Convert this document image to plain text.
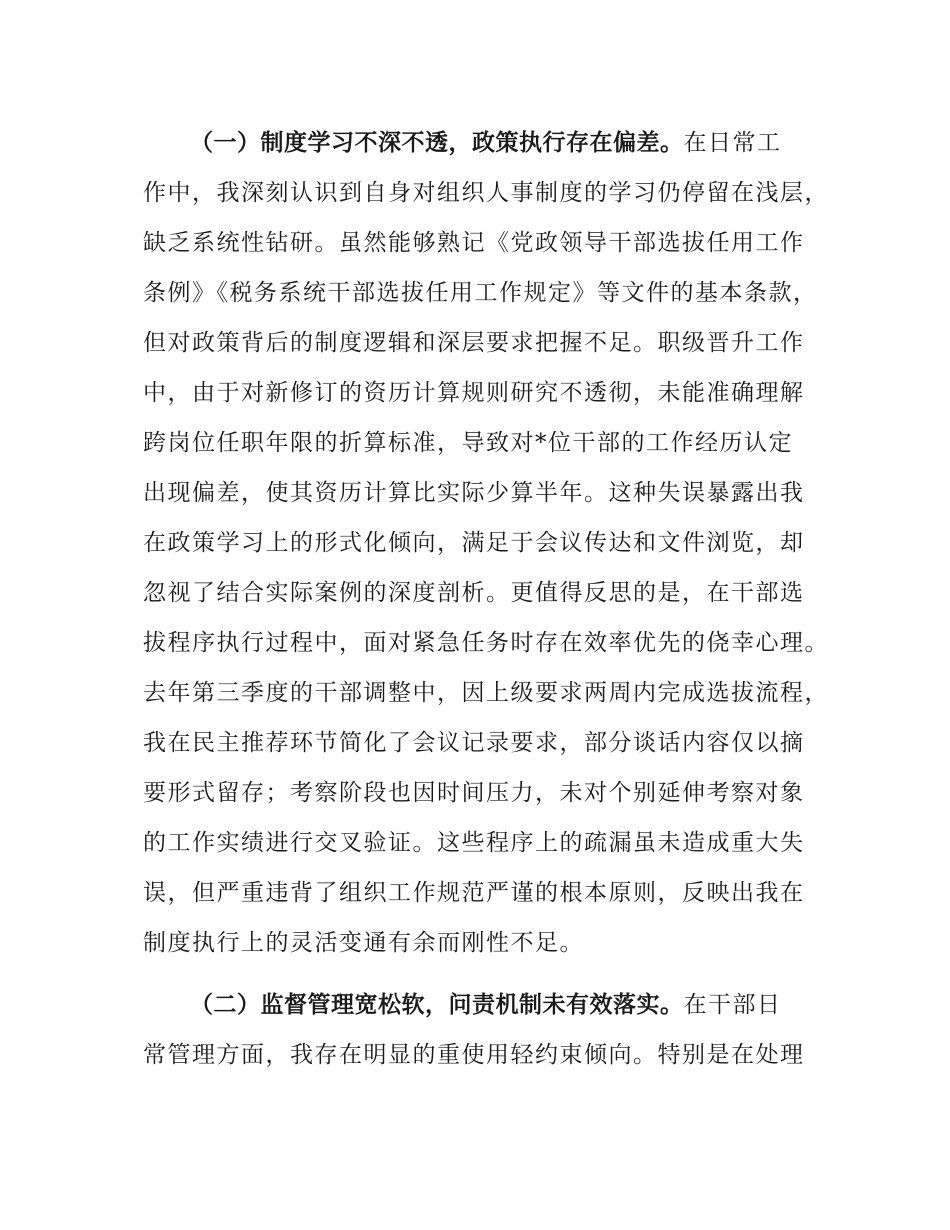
（一）制度学习不深不透，政策执行存在偏差。在日常工
作中，我深刻认识到自身对组织人事制度的学习仍停留在浅层，
缺乏系统性钻研。虽然能够熟记《党政领导干部选拔任用工作
条例》《税务系统干部选拔任用工作规定》等文件的基本条款，
但对政策背后的制度逻辑和深层要求把握不足。职级晋升工作
中，由于对新修订的资历计算规则研究不透彻，未能准确理解
跨岗位任职年限的折算标准，导致对*位干部的工作经历认定
出现偏差，使其资历计算比实际少算半年。这种失误暴露出我
在政策学习上的形式化倾向，满足于会议传达和文件浏览，却
忽视了结合实际案例的深度剖析。更值得反思的是，在干部选
拔程序执行过程中，面对紧急任务时存在效率优先的侥幸心理。
去年第三季度的干部调整中，因上级要求两周内完成选拔流程，
我在民主推荐环节简化了会议记录要求，部分谈话内容仅以摘
要形式留存；考察阶段也因时间压力，未对个别延伸考察对象
的工作实绩进行交叉验证。这些程序上的疏漏虽未造成重大失
误，但严重违背了组织工作规范严谨的根本原则，反映出我在
制度执行上的灵活变通有余而刚性不足。
（二）监督管理宽松软，问责机制未有效落实。在干部日
常管理方面，我存在明显的重使用轻约束倾向。特别是在处理
